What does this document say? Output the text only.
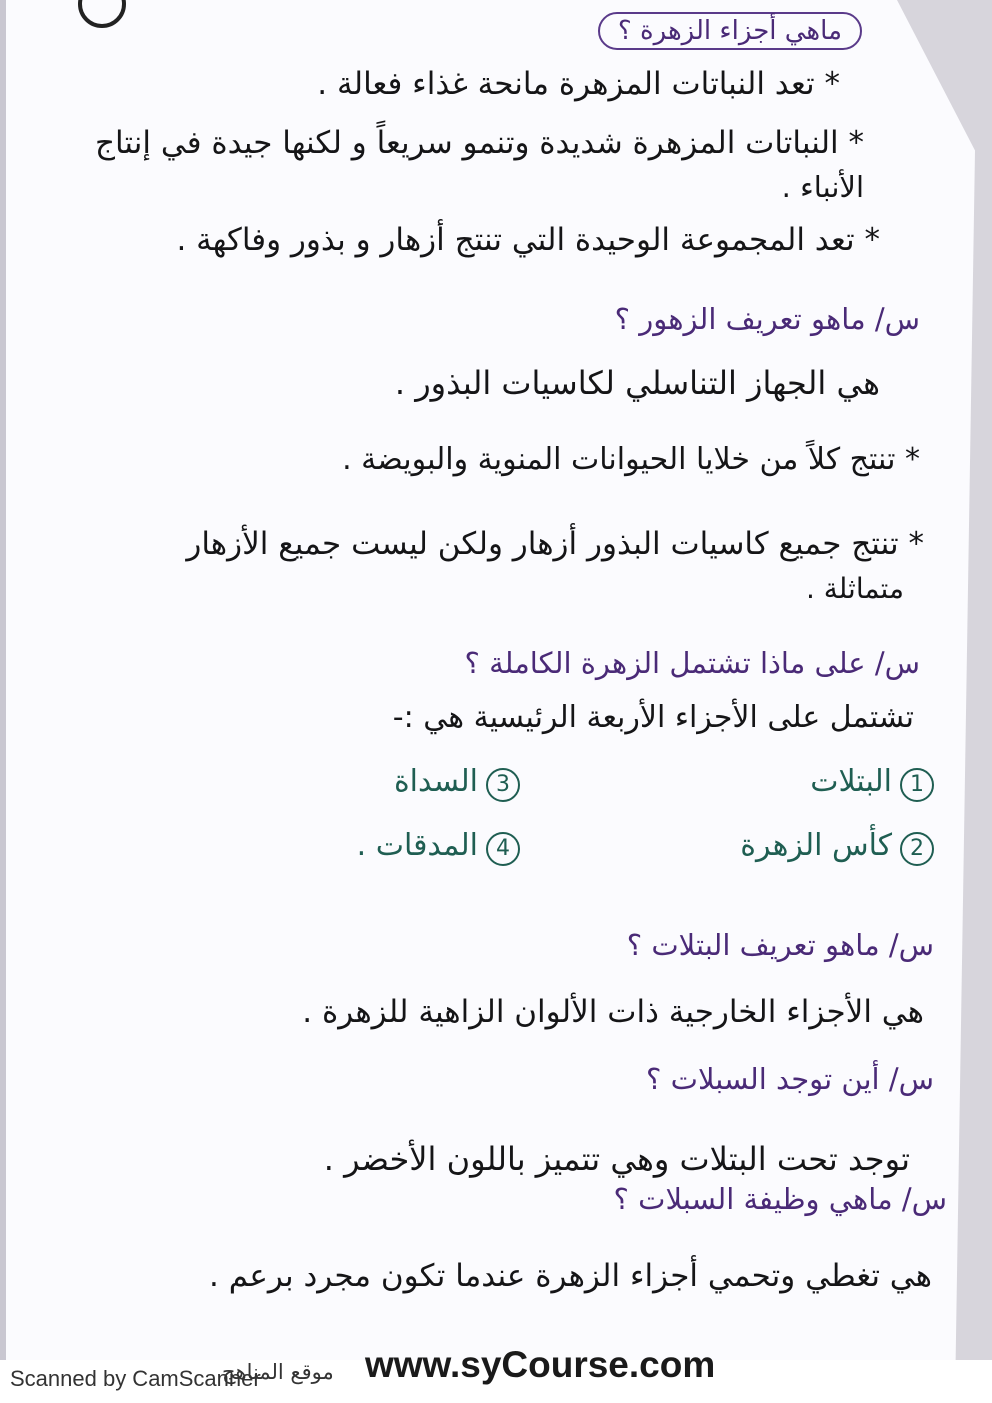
ماهي أجزاء الزهرة ؟
* تعد النباتات المزهرة مانحة غذاء فعالة .
* النباتات المزهرة شديدة وتنمو سريعاً و لكنها جيدة في إنتاج
الأنباء .
* تعد المجموعة الوحيدة التي تنتج أزهار و بذور وفاكهة .
س/ ماهو تعريف الزهور ؟
هي الجهاز التناسلي لكاسيات البذور .
* تنتج كلاً من خلايا الحيوانات المنوية والبويضة .
* تنتج جميع كاسيات البذور أزهار ولكن ليست جميع الأزهار
متماثلة .
س/ على ماذا تشتمل الزهرة الكاملة ؟
تشتمل على الأجزاء الأربعة الرئيسية هي :-
1البتلات
3السداة
2كأس الزهرة
4المدقات .
س/ ماهو تعريف البتلات ؟
هي الأجزاء الخارجية ذات الألوان الزاهية للزهرة .
س/ أين توجد السبلات ؟
توجد تحت البتلات وهي تتميز باللون الأخضر .
س/ ماهي وظيفة السبلات ؟
هي تغطي وتحمي أجزاء الزهرة عندما تكون مجرد برعم .
Scanned by CamScanner
موقع المناهج www.syCourse.com
